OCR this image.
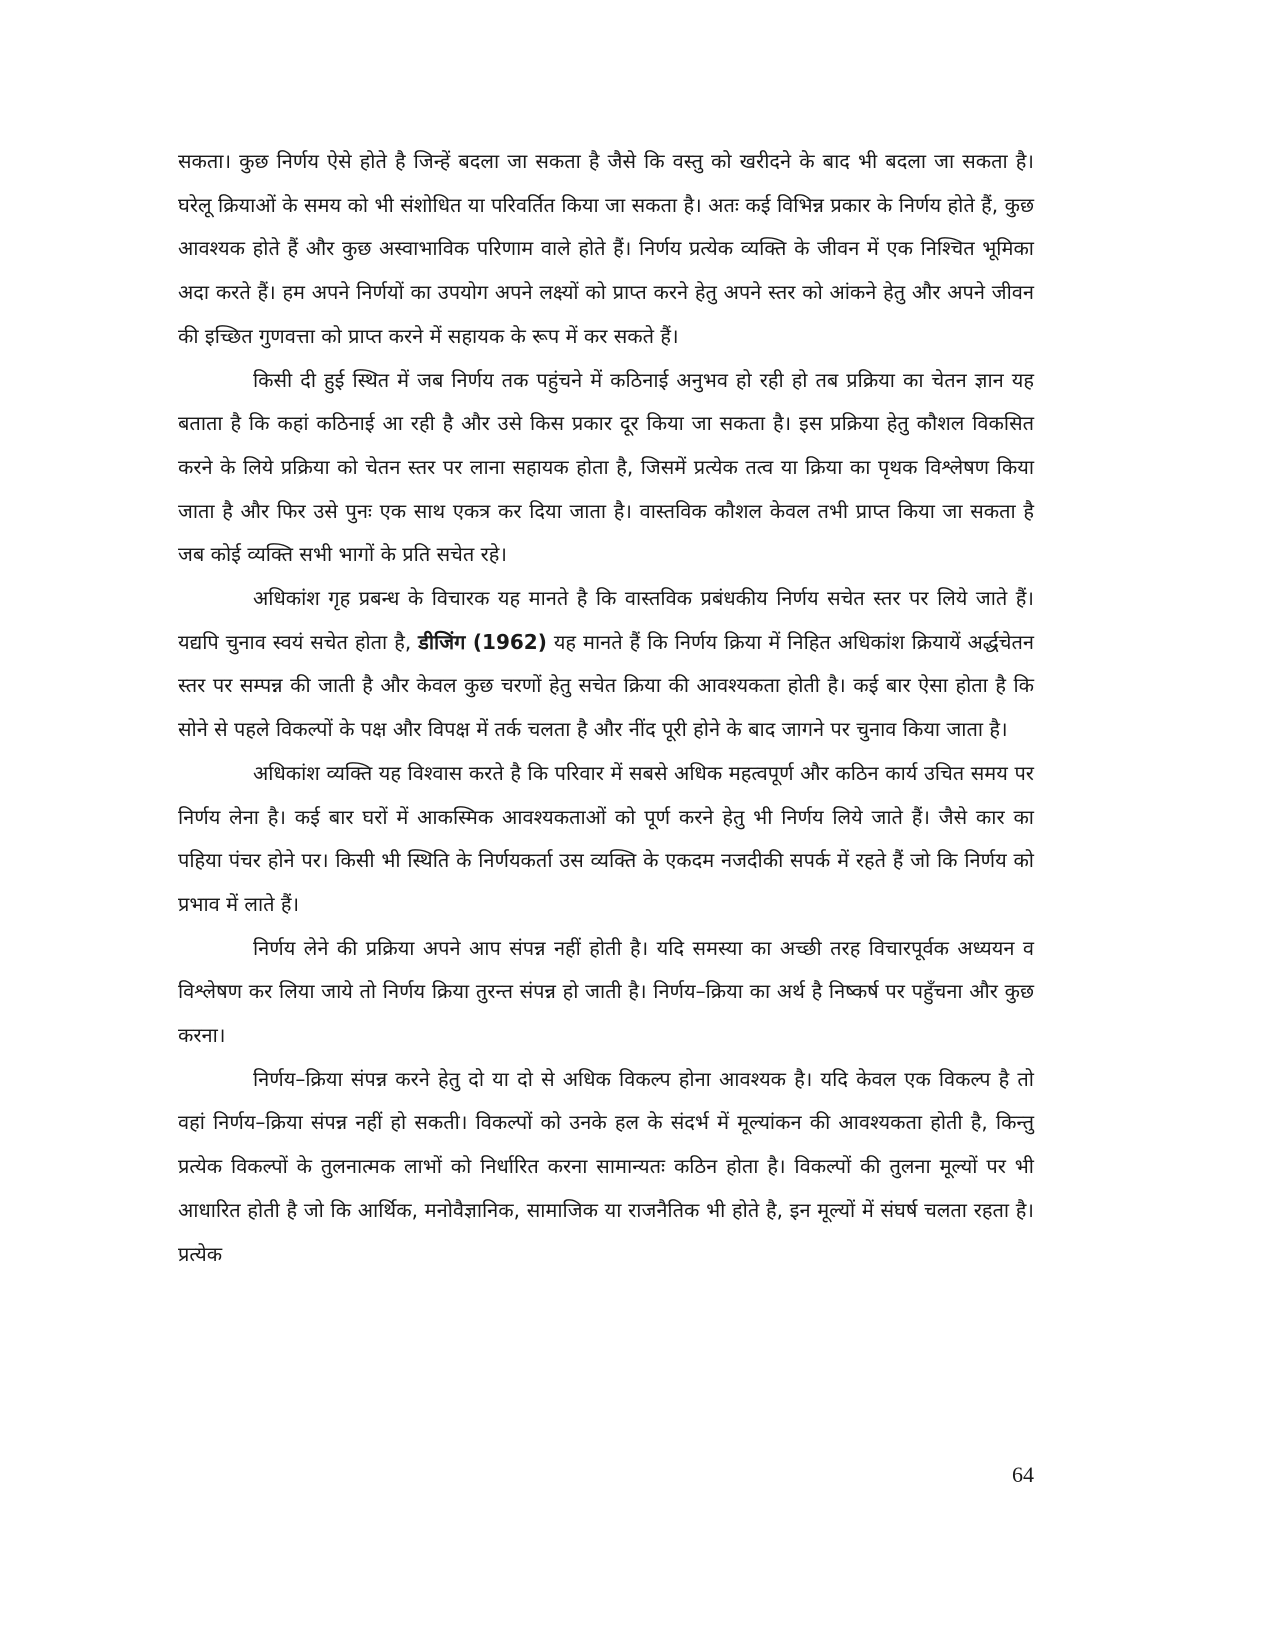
सकता। कुछ निर्णय ऐसे होते है जिन्हें बदला जा सकता है जैसे कि वस्तु को खरीदने के बाद भी बदला जा सकता है। घरेलू क्रियाओं के समय को भी संशोधित या परिवर्तित किया जा सकता है। अतः कई विभिन्न प्रकार के निर्णय होते हैं, कुछ आवश्यक होते हैं और कुछ अस्वाभाविक परिणाम वाले होते हैं। निर्णय प्रत्येक व्यक्ति के जीवन में एक निश्चित भूमिका अदा करते हैं। हम अपने निर्णयों का उपयोग अपने लक्ष्यों को प्राप्त करने हेतु अपने स्तर को आंकने हेतु और अपने जीवन की इच्छित गुणवत्ता को प्राप्त करने में सहायक के रूप में कर सकते हैं।

किसी दी हुई स्थित में जब निर्णय तक पहुंचने में कठिनाई अनुभव हो रही हो तब प्रक्रिया का चेतन ज्ञान यह बताता है कि कहां कठिनाई आ रही है और उसे किस प्रकार दूर किया जा सकता है। इस प्रक्रिया हेतु कौशल विकसित करने के लिये प्रक्रिया को चेतन स्तर पर लाना सहायक होता है, जिसमें प्रत्येक तत्व या क्रिया का पृथक विश्लेषण किया जाता है और फिर उसे पुनः एक साथ एकत्र कर दिया जाता है। वास्तविक कौशल केवल तभी प्राप्त किया जा सकता है जब कोई व्यक्ति सभी भागों के प्रति सचेत रहे।

अधिकांश गृह प्रबन्ध के विचारक यह मानते है कि वास्तविक प्रबंधकीय निर्णय सचेत स्तर पर लिये जाते हैं। यद्यपि चुनाव स्वयं सचेत होता है, डीजिंग (1962) यह मानते हैं कि निर्णय क्रिया में निहित अधिकांश क्रियायें अर्द्धचेतन स्तर पर सम्पन्न की जाती है और केवल कुछ चरणों हेतु सचेत क्रिया की आवश्यकता होती है। कई बार ऐसा होता है कि सोने से पहले विकल्पों के पक्ष और विपक्ष में तर्क चलता है और नींद पूरी होने के बाद जागने पर चुनाव किया जाता है।

अधिकांश व्यक्ति यह विश्वास करते है कि परिवार में सबसे अधिक महत्वपूर्ण और कठिन कार्य उचित समय पर निर्णय लेना है। कई बार घरों में आकस्मिक आवश्यकताओं को पूर्ण करने हेतु भी निर्णय लिये जाते हैं। जैसे कार का पहिया पंचर होने पर। किसी भी स्थिति के निर्णयकर्ता उस व्यक्ति के एकदम नजदीकी सपर्क में रहते हैं जो कि निर्णय को प्रभाव में लाते हैं।

निर्णय लेने की प्रक्रिया अपने आप संपन्न नहीं होती है। यदि समस्या का अच्छी तरह विचारपूर्वक अध्ययन व विश्लेषण कर लिया जाये तो निर्णय क्रिया तुरन्त संपन्न हो जाती है। निर्णय–क्रिया का अर्थ है निष्कर्ष पर पहुँचना और कुछ करना।

निर्णय–क्रिया संपन्न करने हेतु दो या दो से अधिक विकल्प होना आवश्यक है। यदि केवल एक विकल्प है तो वहां निर्णय–क्रिया संपन्न नहीं हो सकती। विकल्पों को उनके हल के संदर्भ में मूल्यांकन की आवश्यकता होती है, किन्तु प्रत्येक विकल्पों के तुलनात्मक लाभों को निर्धारित करना सामान्यतः कठिन होता है। विकल्पों की तुलना मूल्यों पर भी आधारित होती है जो कि आर्थिक, मनोवैज्ञानिक, सामाजिक या राजनैतिक भी होते है, इन मूल्यों में संघर्ष चलता रहता है। प्रत्येक

64
